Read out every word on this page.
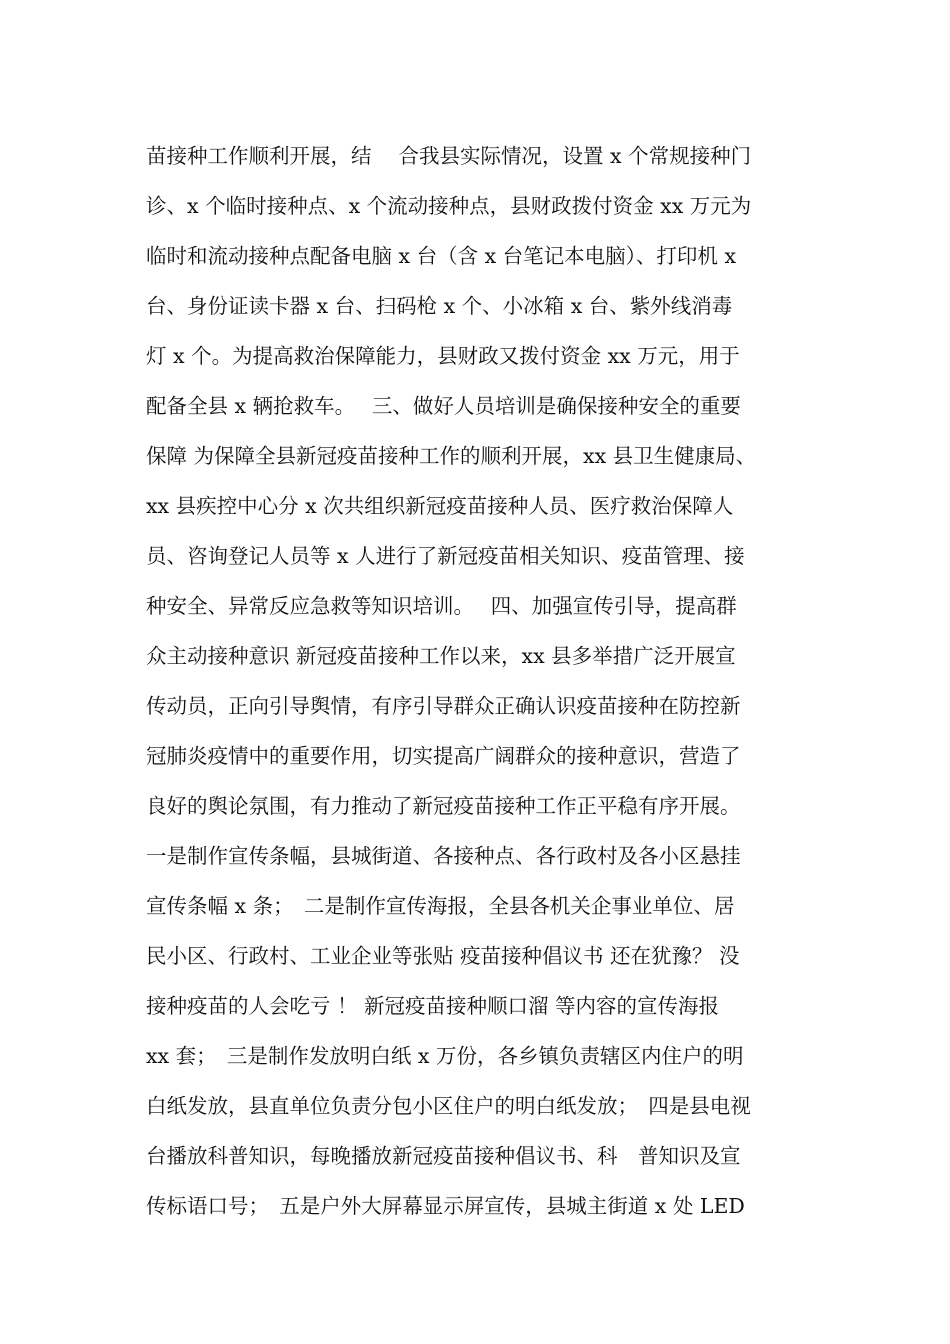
苗接种工作顺利开展，结　 合我县实际情况，设置 x 个常规接种门
诊、x 个临时接种点、x 个流动接种点，县财政拨付资金 xx 万元为
临时和流动接种点配备电脑 x 台（含 x 台笔记本电脑）、打印机 x
台、身份证读卡器 x 台、扫码枪 x 个、小冰箱 x 台、紫外线消毒
灯 x 个。为提高救治保障能力，县财政又拨付资金 xx 万元，用于
配备全县 x 辆抢救车。　 三、做好人员培训是确保接种安全的重要
保障 为保障全县新冠疫苗接种工作的顺利开展，xx 县卫生健康局、
xx 县疾控中心分 x 次共组织新冠疫苗接种人员、医疗救治保障人
员、咨询登记人员等 x 人进行了新冠疫苗相关知识、疫苗管理、接
种安全、异常反应急救等知识培训。　 四、加强宣传引导，提高群
众主动接种意识 新冠疫苗接种工作以来，xx 县多举措广泛开展宣
传动员，正向引导舆情，有序引导群众正确认识疫苗接种在防控新
冠肺炎疫情中的重要作用，切实提高广阔群众的接种意识，营造了
良好的舆论氛围，有力推动了新冠疫苗接种工作正平稳有序开展。
一是制作宣传条幅，县城街道、各接种点、各行政村及各小区悬挂
宣传条幅 x 条；　二是制作宣传海报，全县各机关企事业单位、居
民小区、行政村、工业企业等张贴 疫苗接种倡议书 还在犹豫？ 没
接种疫苗的人会吃亏 ！ 新冠疫苗接种顺口溜 等内容的宣传海报
xx 套；　三是制作发放明白纸 x 万份，各乡镇负责辖区内住户的明
白纸发放，县直单位负责分包小区住户的明白纸发放；　四是县电视
台播放科普知识，每晚播放新冠疫苗接种倡议书、科　普知识及宣
传标语口号；　五是户外大屏幕显示屏宣传，县城主街道 x 处 LED
